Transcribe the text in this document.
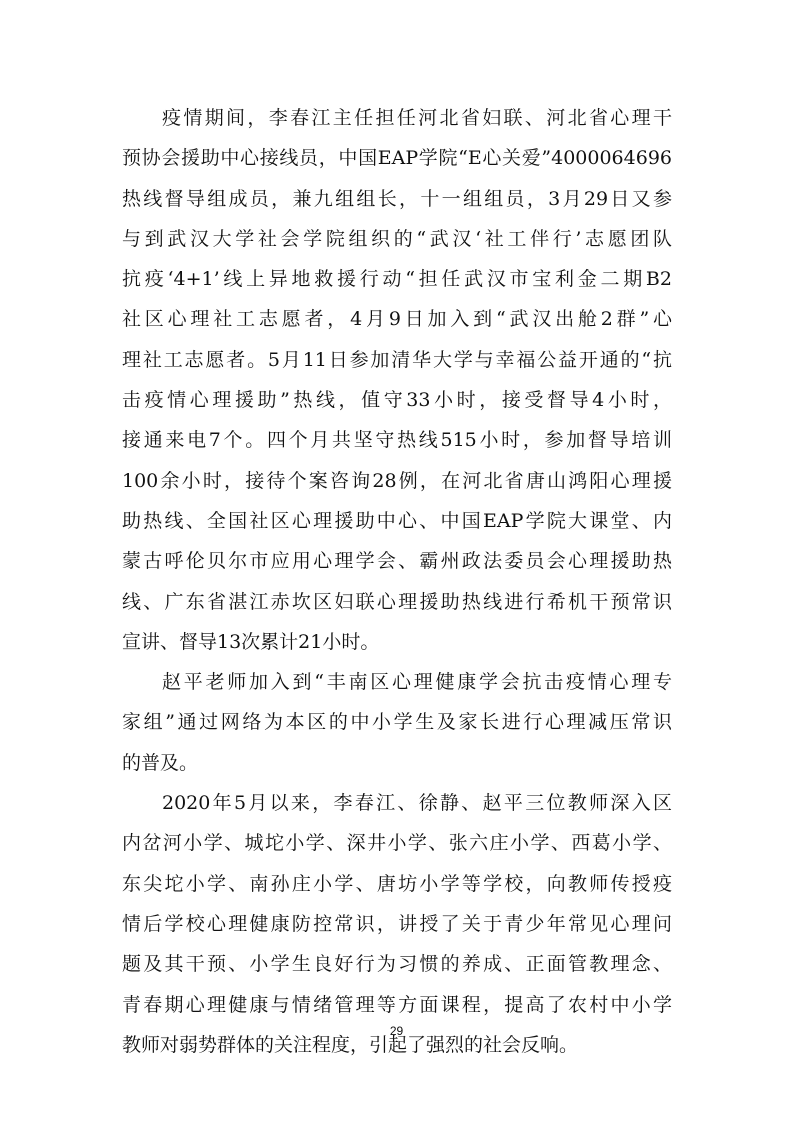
疫情期间，李春江主任担任河北省妇联、河北省心理干
预协会援助中心接线员，中国EAP学院“E心关爱”4000064696
热线督导组成员，兼九组组长，十一组组员，3月29日又参
与到武汉大学社会学院组织的“武汉‘社工伴行’志愿团队
抗疫‘4+1’线上异地救援行动“担任武汉市宝利金二期B2
社区心理社工志愿者，4月9日加入到“武汉出舱2群”心
理社工志愿者。5月11日参加清华大学与幸福公益开通的“抗
击疫情心理援助”热线，值守33小时，接受督导4小时，
接通来电7个。四个月共坚守热线515小时，参加督导培训
100余小时，接待个案咨询28例，在河北省唐山鸿阳心理援
助热线、全国社区心理援助中心、中国EAP学院大课堂、内
蒙古呼伦贝尔市应用心理学会、霸州政法委员会心理援助热
线、广东省湛江赤坎区妇联心理援助热线进行希机干预常识
宣讲、督导13次累计21小时。
赵平老师加入到“丰南区心理健康学会抗击疫情心理专
家组”通过网络为本区的中小学生及家长进行心理减压常识
的普及。
2020年5月以来，李春江、徐静、赵平三位教师深入区
内岔河小学、城坨小学、深井小学、张六庄小学、西葛小学、
东尖坨小学、南孙庄小学、唐坊小学等学校，向教师传授疫
情后学校心理健康防控常识，讲授了关于青少年常见心理问
题及其干预、小学生良好行为习惯的养成、正面管教理念、
青春期心理健康与情绪管理等方面课程，提高了农村中小学
教师对弱势群体的关注程度，引起了强烈的社会反响。
29
